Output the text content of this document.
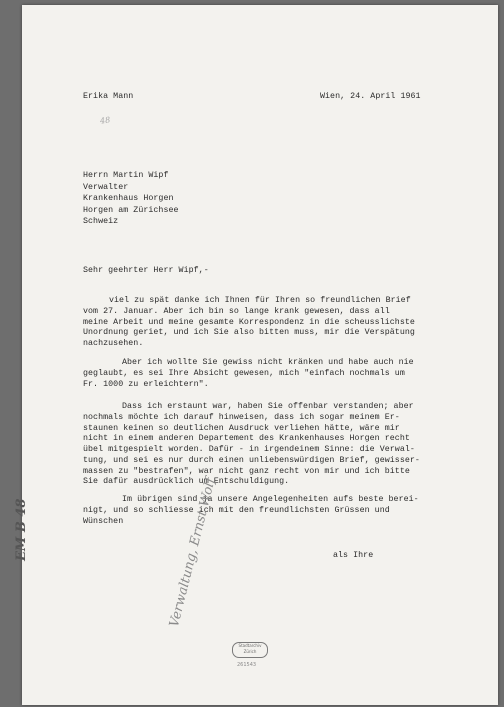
Erika Mann	Wien, 24. April 1961
48
Herrn Martin Wipf
Verwalter
Krankenhaus Horgen
Horgen am Zürichsee
Schweiz
Sehr geehrter Herr Wipf,-
viel zu spät danke ich Ihnen für Ihren so freundlichen Brief
vom 27. Januar. Aber ich bin so lange krank gewesen, dass all
meine Arbeit und meine gesamte Korrespondenz in die scheusslichste
Unordnung geriet, und ich Sie also bitten muss, mir die Verspätung
nachzusehen.
Aber ich wollte Sie gewiss nicht kränken und habe auch nie
geglaubt, es sei Ihre Absicht gewesen, mich "einfach nochmals um
Fr. 1000 zu erleichtern".
Dass ich erstaunt war, haben Sie offenbar verstanden; aber
nochmals möchte ich darauf hinweisen, dass ich sogar meinem Er-
staunen keinen so deutlichen Ausdruck verliehen hätte, wäre mir
nicht in einem anderen Departement des Krankenhauses Horgen recht
übel mitgespielt worden. Dafür - in irgendeinem Sinne: die Verwal-
tung, und sei es nur durch einen unliebenswürdigen Brief, gewisser-
massen zu "bestrafen", war nicht ganz recht von mir und ich bitte
Sie dafür ausdrücklich um Entschuldigung.
Im übrigen sind ja unsere Angelegenheiten aufs beste berei-
nigt, und so schliesse ich mit den freundlichsten Grüssen und
Wünschen
als Ihre
EM B 48	Verwaltung, Ernst Wolf
Stadtarchiv Zürich
261543
